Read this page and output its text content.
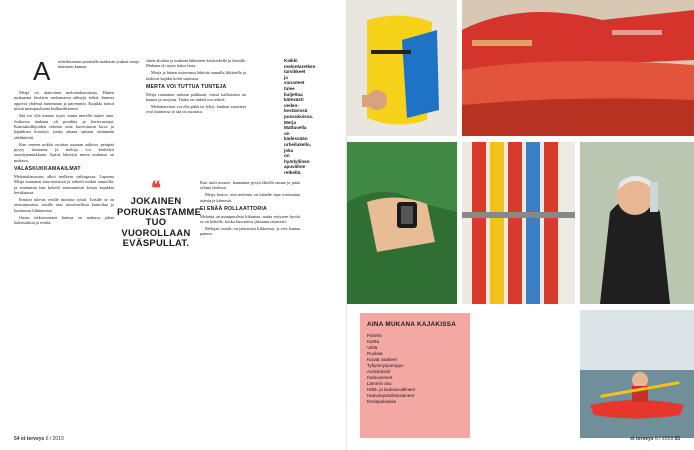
A urheiluseuran porukalla matkasin joukon merja mattusen kanssa.

Merja on aktiivinen melontaharrastaja. Hänen mukaansa kesäisin melonnassa nähtyjä retkiä ihmiset oppivat yhdessä tuntemaan ja paremmin. Kajakki toimii niissä monipuolisena kulkuvälineenä.

Sää voi olla mainio tyyni, mutta merellä tuulee aina. Joukossa mukana oli porukka ja leiriavustajat. Kanssakulkijoiden tekemä oma kaveritason kuva ja kajakkien hoitotyö, jonka aikana opitaan sietämään sääilmiöitä.

Kun veneen nokka osoittaa suoraan aaltoon, peräpää pysyy tasaisena ja meloja voi keskittyä aerodynamiikkaan. Ajatus lähestyä merta rauhassa on mukava.

VALASKUKKAMAAILMAT

Melontaharrastus alkoi melkein vahingossa. Lapsena Merja suunnisti aina metsissä ja retkeili mökin rannoilla, ja sittemmin hän kokeili ensimmäistä kertaa kajakkia kesäkuussa.

Ihmiset tulevat vesille monista syistä. Toisille se on rentoutumista, toisille taas tavoitteellista kuntoilua ja luonnossa liikkumista.

Oman retkiseurueen kanssa on mukava jakaa kokemuksia ja eväitä.

sitten aloittaa ja mukaan lähteneen kesäretkelle ja lautalle. Mukana oli myös kaksi lasta.

Merja ja hänen tuttavansa lähtivät aamulla liikkeelle ja laskivat kajakit kohti saaristoa.

MERTA VOI TUTTUA TUNTEJA

Merja rantautuu tuttuun paikkaan, missä kallioranta on kaunis ja suojaisa. Tauko on tärkeä osa retkeä.

Melontareissu voi olla pitkä tai lyhyt, kunhan varusteet ovat kunnossa ja sää on suotuisa.

❝
JOKAINEN PORUKASTAMME TUO VUOROLLAAN EVÄSPULLAT.

Kun tuuli nousee, kannattaa pysyä lähellä rantaa ja pitää ryhmä yhdessä.

Merja kertoo, että melonta on hänelle tapa irrottautua arjesta ja kiireestä.

EI ENÄÄ ROLLAATTORIA

Melonta on monipuolista liikuntaa, mutta erityisen hyvää se on keholle, koska kuormitus jakautuu tasaisesti.

Melojan vartalo on jatkuvasti liikkeessä, ja vesi kantaa painon.

54 et terveys 6 / 2019
AINA MUKANA KAJAKISSA
Puhelin
Kartta
Vettä
Ruokaa
Kuivat vaatteet
Tyhjennyspumppu
Aurinkolasit
Karkuveneet
Lämmin asu
Hätä- ja laukausvälineet
Haavanpuhdistusaineet
Ensiapulaukku
et terveys 6 / 2019 55
